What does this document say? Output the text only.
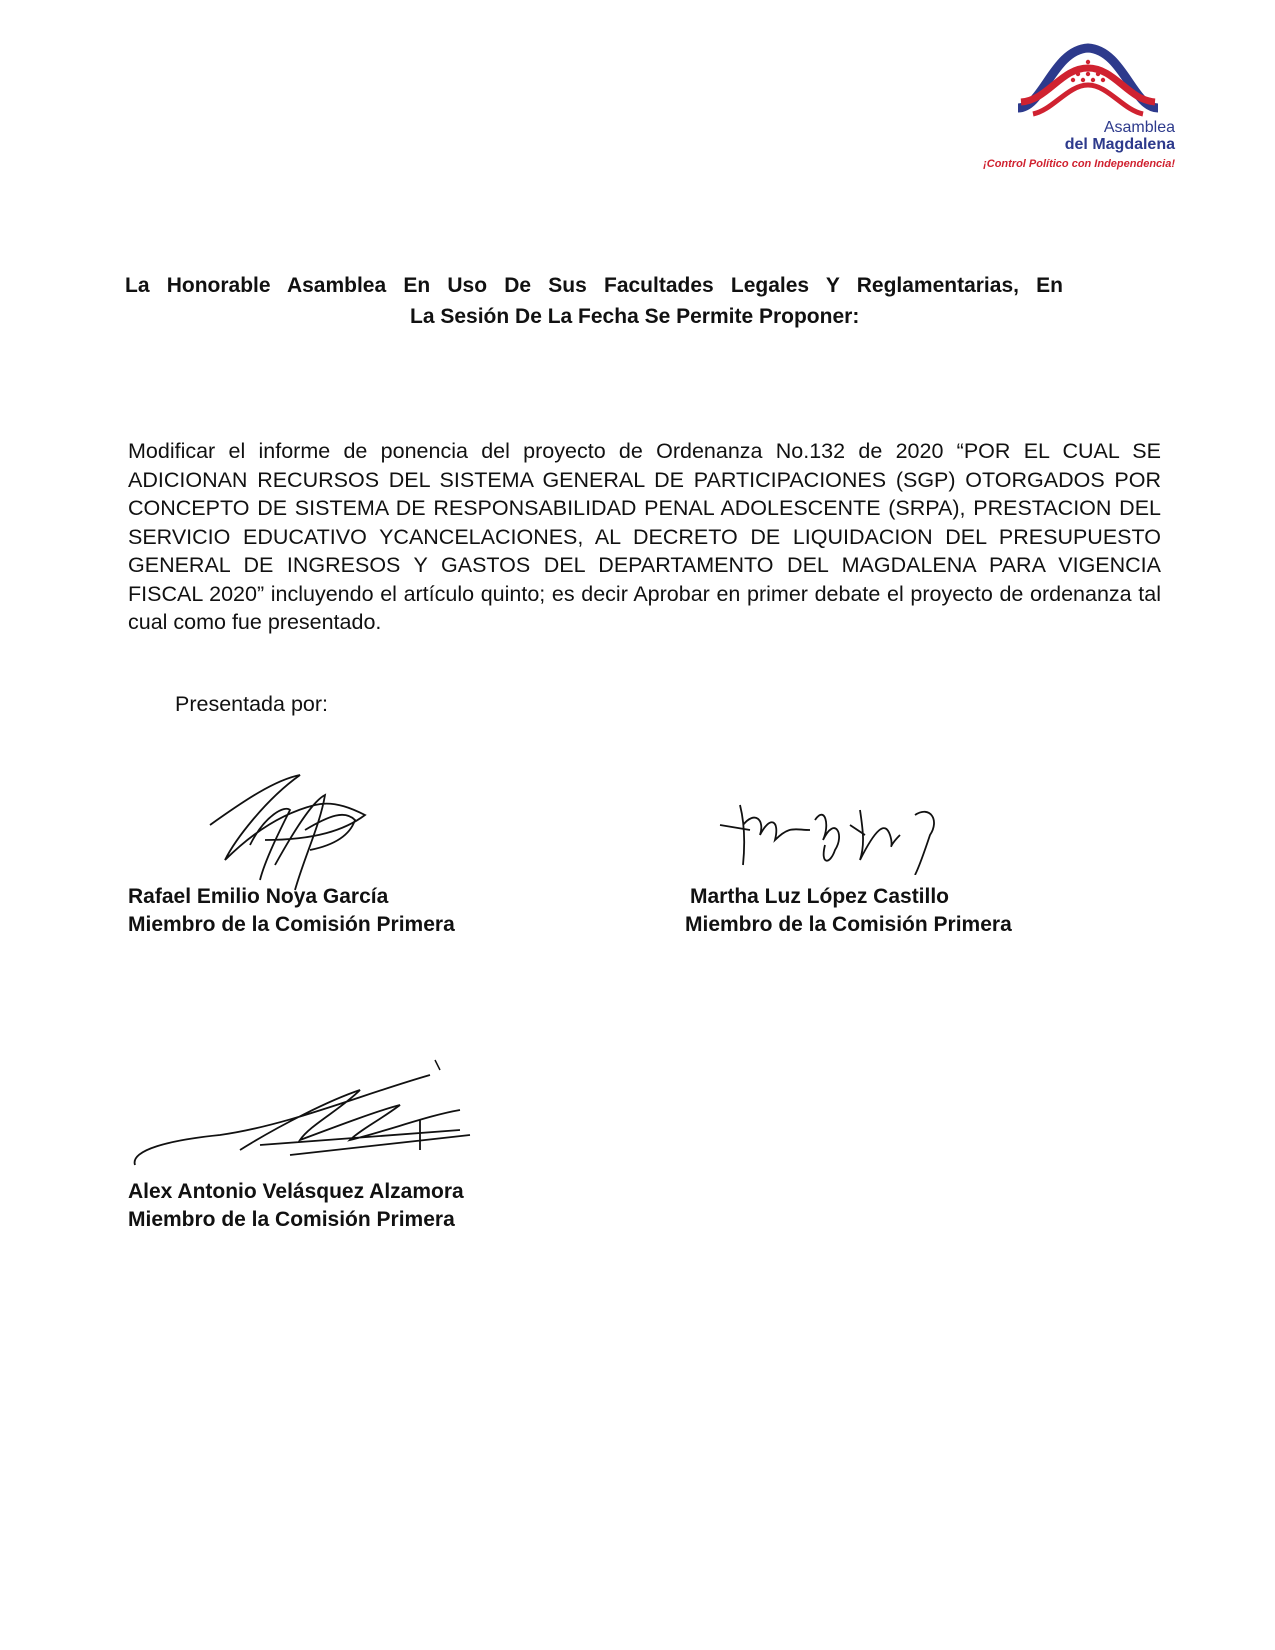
Asamblea
del Magdalena
¡Control Político con Independencia!
La Honorable Asamblea En Uso De Sus Facultades Legales Y Reglamentarias, En
La Sesión De La Fecha Se Permite Proponer:

Modificar el informe de ponencia del proyecto de Ordenanza No.132 de 2020 “POR EL CUAL SE ADICIONAN RECURSOS DEL SISTEMA GENERAL DE PARTICIPACIONES (SGP) OTORGADOS POR CONCEPTO DE SISTEMA DE RESPONSABILIDAD PENAL ADOLESCENTE (SRPA), PRESTACION DEL SERVICIO EDUCATIVO YCANCELACIONES, AL DECRETO DE LIQUIDACION DEL PRESUPUESTO GENERAL DE INGRESOS Y GASTOS DEL DEPARTAMENTO DEL MAGDALENA PARA VIGENCIA FISCAL 2020” incluyendo el artículo quinto; es decir Aprobar en primer debate el proyecto de ordenanza tal cual como fue presentado.

Presentada por:
Rafael Emilio Noya García
Miembro de la Comisión Primera
Martha Luz López Castillo
Miembro de la Comisión Primera
Alex Antonio Velásquez Alzamora
Miembro de la Comisión Primera
